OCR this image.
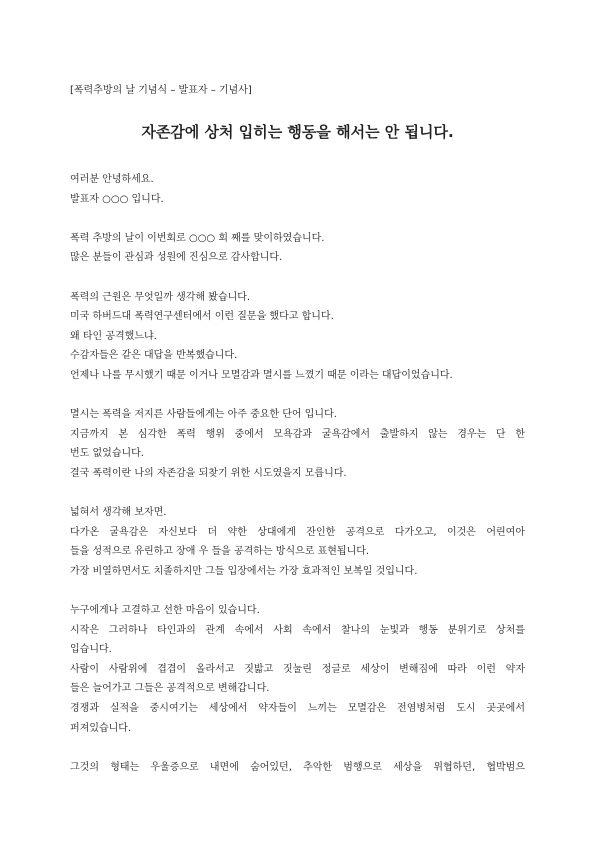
[폭력추방의 날 기념식 – 발표자 – 기념사]
자존감에 상처 입히는 행동을 해서는 안 됩니다.
여러분 안녕하세요.
발표자 ○○○ 입니다.
폭력 추방의 날이 이번회로 ○○○ 회 째를 맞이하였습니다.
많은 분들이 관심과 성원에 진심으로 감사합니다.
폭력의 근원은 무엇일까 생각해 봤습니다.
미국 하버드대 폭력연구센터에서 이런 질문을 했다고 합니다.
왜 타인 공격했느냐.
수감자들은 같은 대답을 반복했습니다.
언제나 나를 무시했기 때문 이거나 모멸감과 멸시를 느꼈기 때문 이라는 대답이었습니다.
멸시는 폭력을 저지른 사람들에게는 아주 중요한 단어 입니다.
지금까지 본 심각한 폭력 행위 중에서 모욕감과 굴욕감에서 출발하지 않는 경우는 단 한
번도 없었습니다.
결국 폭력이란 나의 자존감을 되찾기 위한 시도였을지 모릅니다.
넓혀서 생각해 보자면.
다가온 굴욕감은 자신보다 더 약한 상대에게 잔인한 공격으로 다가오고, 이것은 어린여아
들을 성적으로 유린하고 장애 우 들을 공격하는 방식으로 표현됩니다.
가장 비열하면서도 치졸하지만 그들 입장에서는 가장 효과적인 보복일 것입니다.
누구에게나 고결하고 선한 마음이 있습니다.
시작은 그러하나 타인과의 관계 속에서 사회 속에서 찰나의 눈빛과 행동 분위기로 상처를
입습니다.
사람이 사람위에 겹겹이 올라서고 짓밟고 짓눌린 정글로 세상이 변해짐에 따라 이런 약자
들은 늘어가고 그들은 공격적으로 변해갑니다.
경쟁과 실적을 중시여기는 세상에서 약자들이 느끼는 모멸감은 전염병처럼 도시 곳곳에서
퍼져있습니다.
그것의 형태는 우울증으로 내면에 숨어있던, 추악한 범행으로 세상을 위협하던, 협박범으
